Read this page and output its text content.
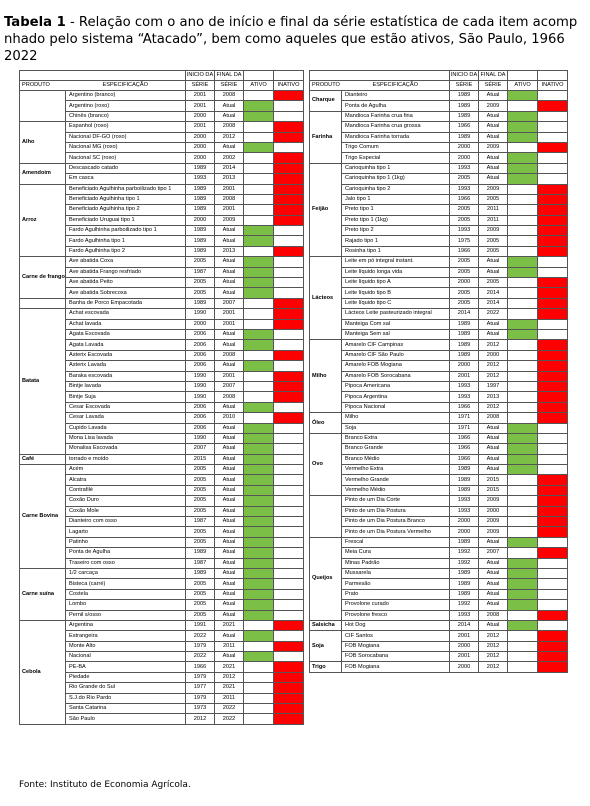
Tabela 1 - Relação com o ano de início e final da série estatística de cada item acomp
nhado pelo sistema “Atacado”, bem como aqueles que estão ativos, São Paulo, 1966
2022
		INICIO DA	FINAL DA		
PRODUTO	ESPECIFICAÇÃO	SÉRIE	SÉRIE	ATIVO	INATIVO
	Argentino (branco)	2001	2008		
	Argentino (roxo)	2001	Atual		
	Chinês (branco)	2000	Atual		
Alho	Espanhol (roxo)	2001	2008		
	Nacional DF-GO (roxo)	2000	2012		
	Nacional MG (roxo)	2000	Atual		
	Nacional SC (roxo)	2000	2002		
Amendoim	Descascado catado	1989	2014		
	Em casca	1993	2013		
Arroz	Beneficiado Agulhinha parboilizado tipo 1	1989	2001		
	Beneficiado Agulhinha tipo 1	1989	2008		
	Beneficiado Agulhinha tipo 2	1989	2001		
	Beneficiado Uruguai tipo 1	2000	2009		
	Fardo Agulhinha parboilizado tipo 1	1989	Atual		
	Fardo Agulhinha tipo 1	1989	Atual		
	Fardo Agulhinha tipo 2	1989	2013		
Carne de frango	Ave abatida Coxa	2005	Atual		
	Ave abatida Frango resfriado	1987	Atual		
	Ave abatida Peito	2005	Atual		
	Ave abatida Sobrecoxa	2005	Atual		
	Banha de Porco Empacotada	1989	2007		
Batata	Achat escovada	1990	2001		
	Achat lavada	2000	2001		
	Agata Escovada	2006	Atual		
	Agata Lavada	2006	Atual		
	Asterix Escovada	2006	2008		
	Asterix Lavada	2006	Atual		
	Baraka escovada	1990	2001		
	Bintje lavada	1990	2007		
	Bintje Suja	1990	2008		
	Cesar Escovada	2006	Atual		
	Cesar Lavada	2006	2010		
	Cupido Lavada	2006	Atual		
	Mona Lisa lavada	1990	Atual		
	Monalisa Escovada	2007	Atual		
Café	torrado e moído	2015	Atual		
Carne Bovina	Acém	2005	Atual		
	Alcatra	2005	Atual		
	Contrafilé	2005	Atual		
	Coxão Duro	2005	Atual		
	Coxão Mole	2005	Atual		
	Dianteiro com osso	1987	Atual		
	Lagarto	2005	Atual		
	Patinho	2005	Atual		
	Ponta de Agulha	1989	Atual		
	Traseiro com osso	1987	Atual		
Carne suína	1/2 carcaça	1989	Atual		
	Bisteca (carré)	2005	Atual		
	Costela	2005	Atual		
	Lombo	2005	Atual		
	Pernil s/osso	2005	Atual		
Cebola	Argentina	1991	2021		
	Estrangeira	2022	Atual		
	Monte Alto	1979	2011		
	Nacional	2022	Atual		
	PE-BA	1966	2021		
	Piedade	1979	2012		
	Rio Grande do Sul	1977	2021		
	S.J.do Rio Pardo	1979	2011		
	Santa Catarina	1973	2022		
	São Paulo	2012	2022		
		INICIO DA	FINAL DA		
PRODUTO	ESPECIFICAÇÃO	SÉRIE	SÉRIE	ATIVO	INATIVO
Charque	Dianteiro	1989	Atual		
	Ponta de Agulha	1989	2009		
Farinha	Mandioca Farinha crua fina	1989	Atual		
	Mandioca Farinha crua grossa	1966	Atual		
	Mandioca Farinha torrada	1989	Atual		
	Trigo Comum	2000	2009		
	Trigo Especial	2000	Atual		
Feijão	Carioquinha tipo 1	1993	Atual		
	Carioquinha tipo 1 (1kg)	2005	Atual		
	Carioquinha tipo 2	1993	2009		
	Jalo tipo 1	1966	2005		
	Preto tipo 1	2005	2011		
	Preto tipo 1 (1kg)	2005	2011		
	Preto tipo 2	1993	2009		
	Rajado tipo 1	1975	2005		
	Rosinha tipo 1	1966	2005		
Lácteos	Leite em pó integral instant.	2005	Atual		
	Leite líquido longa vida	2005	Atual		
	Leite líquido tipo A	2000	2005		
	Leite líquido tipo B	2005	2014		
	Leite líquido tipo C	2005	2014		
	Lácteos Leite pasteurizado integral	2014	2022		
	Manteiga Com sal	1989	Atual		
	Manteiga Sem sal	1989	Atual		
Milho	Amarelo CIF Campinas	1989	2012		
	Amarelo CIF São Paulo	1989	2000		
	Amarelo FOB Mogiana	2000	2012		
	Amarelo FOB Sorocabana	2001	2012		
	Pipoca Americana	1993	1997		
	Pipoca Argentina	1993	2013		
	Pipoca Nacional	1966	2012		
Óleo	Milho	1971	2008		
	Soja	1971	Atual		
Ovo	Branco Extra	1966	Atual		
	Branco Grande	1966	Atual		
	Branco Médio	1966	Atual		
	Vermelho Extra	1989	Atual		
	Vermelho Grande	1989	2015		
	Vermelho Médio	1989	2015		
	Pinto de um Dia Corte	1993	2009		
	Pinto de um Dia Postura	1993	2000		
	Pinto de um Dia Postura Branco	2000	2009		
	Pinto de um Dia Postura Vermelho	2000	2009		
Queijos	Frescal	1989	Atual		
	Meia Cura	1992	2007		
	Minas Padrão	1992	Atual		
	Mussarela	1989	Atual		
	Parmesão	1989	Atual		
	Prato	1989	Atual		
	Provolone curado	1992	Atual		
	Provolone fresco	1993	2008		
Salsicha	Hot Dog	2014	Atual		
Soja	CIF Santos	2001	2012		
	FOB Mogiana	2000	2012		
	FOB Sorocabana	2001	2012		
Trigo	FOB Mogiana	2000	2012		
Fonte: Instituto de Economia Agrícola.
